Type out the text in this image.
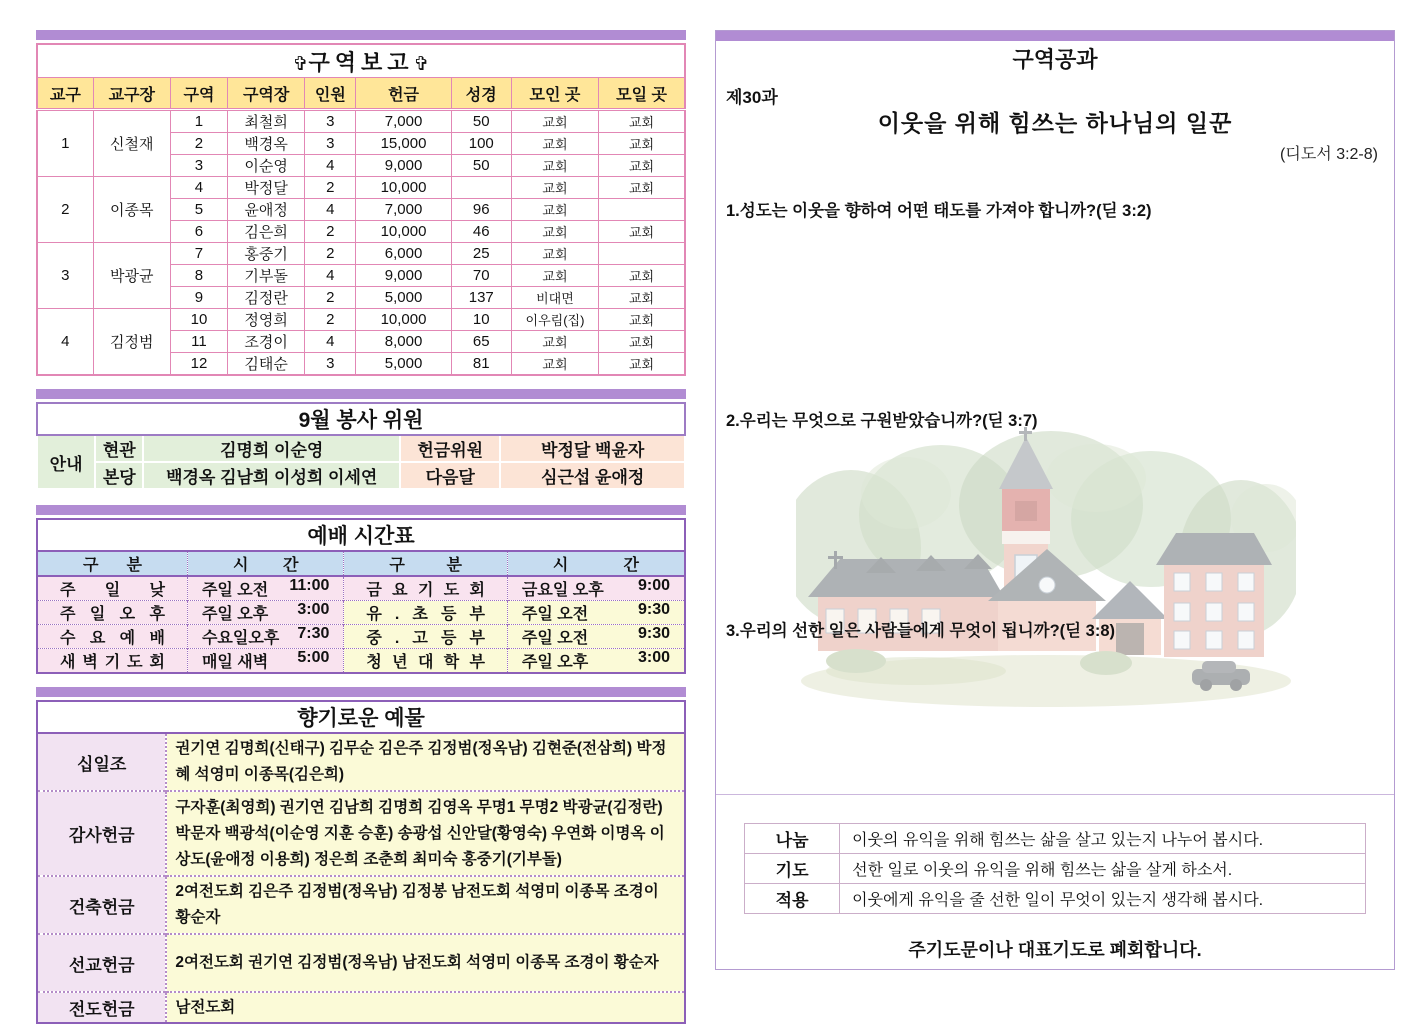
✞구역보고✞								
교구	교구장	구역	구역장	인원	헌금	성경	모인 곳	모일 곳
1	신철재	1	최철희	3	7,000	50	교회	교회
		2	백경옥	3	15,000	100	교회	교회
		3	이순영	4	9,000	50	교회	교회
2	이종목	4	박정달	2	10,000		교회	교회
		5	윤애정	4	7,000	96	교회	
		6	김은희	2	10,000	46	교회	교회
3	박광균	7	홍중기	2	6,000	25	교회	
		8	기부돌	4	9,000	70	교회	교회
		9	김정란	2	5,000	137	비대면	교회
4	김정범	10	정영희	2	10,000	10	이우림(집)	교회
		11	조경이	4	8,000	65	교회	교회
		12	김태순	3	5,000	81	교회	교회
9월 봉사 위원				
안내	현관	김명희 이순영	헌금위원	박정달 백윤자
	본당	백경옥 김남희 이성희 이세연	다음달	심근섭 윤애정
예배 시간표			
구 분	시 간	구 분	시 간
주 일 낮	주일 오전 11:00	금 요 기 도 회	금요일 오후 9:00

주 일 오 후	주일 오후 3:00	유 . 초 등 부	주일 오전 9:30

수 요 예 배	수요일오후 7:30	중 . 고 등 부	주일 오전 9:30

새 벽 기 도 회	매일 새벽 5:00	청 년 대 학 부	주일 오후 3:00
향기로운 예물	
십일조	권기연 김명희(신태구) 김무순 김은주 김정범(정옥남) 김현준(전삼희) 박정혜 석영미 이종목(김은희)
감사헌금	구자훈(최영희) 권기연 김남희 김명희 김영옥 무명1 무명2 박광균(김정란) 박문자 백광석(이순영 지훈 승훈) 송광섭 신안달(황영숙) 우연화 이명옥 이상도(윤애정 이용희) 정은희 조춘희 최미숙 홍중기(기부돌)
건축헌금	2여전도회 김은주 김정범(정옥남) 김정봉 남전도회 석영미 이종목 조경이 황순자
선교헌금	2여전도회 권기연 김정범(정옥남) 남전도회 석영미 이종목 조경이 황순자
전도헌금	남전도회
구역공과
제30과
이웃을 위해 힘쓰는 하나님의 일꾼
(디도서 3:2-8)
1.성도는 이웃을 향하여 어떤 태도를 가져야 합니까?(딛 3:2)
2.우리는 무엇으로 구원받았습니까?(딛 3:7)
3.우리의 선한 일은 사람들에게 무엇이 됩니까?(딛 3:8)
나눔	이웃의 유익을 위해 힘쓰는 삶을 살고 있는지 나누어 봅시다.
기도	선한 일로 이웃의 유익을 위해 힘쓰는 삶을 살게 하소서.
적용	이웃에게 유익을 줄 선한 일이 무엇이 있는지 생각해 봅시다.
주기도문이나 대표기도로 폐회합니다.
